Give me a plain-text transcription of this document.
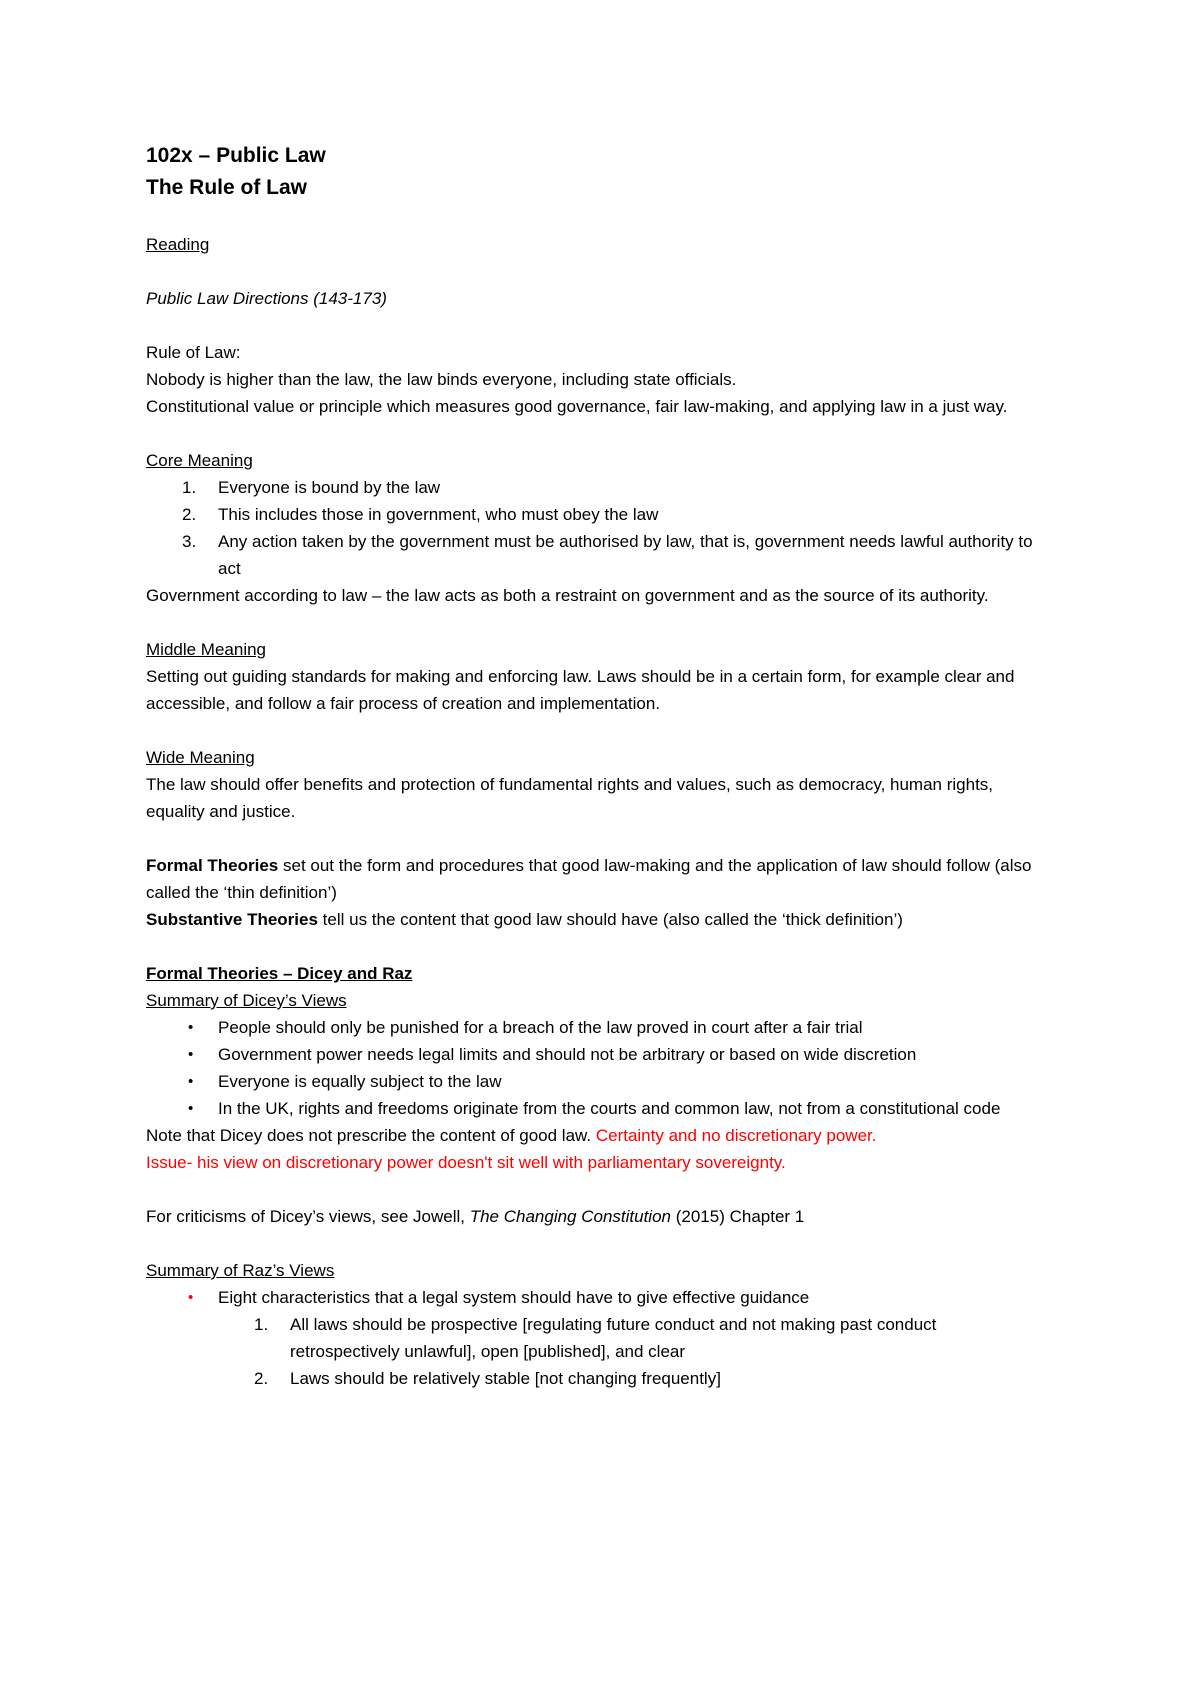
102x – Public Law
The Rule of Law

Reading

Public Law Directions (143-173)

Rule of Law:

Nobody is higher than the law, the law binds everyone, including state officials.

Constitutional value or principle which measures good governance, fair law-making, and applying law in a just way.

Core Meaning

1.	Everyone is bound by the law
2.	This includes those in government, who must obey the law
3.	Any action taken by the government must be authorised by law, that is, government needs lawful authority to act

Government according to law – the law acts as both a restraint on government and as the source of its authority.

Middle Meaning

Setting out guiding standards for making and enforcing law. Laws should be in a certain form, for example clear and accessible, and follow a fair process of creation and implementation.

Wide Meaning

The law should offer benefits and protection of fundamental rights and values, such as democracy, human rights, equality and justice.

Formal Theories set out the form and procedures that good law-making and the application of law should follow (also called the ‘thin definition’)

Substantive Theories tell us the content that good law should have (also called the ‘thick definition’)

Formal Theories – Dicey and Raz

Summary of Dicey’s Views

•	People should only be punished for a breach of the law proved in court after a fair trial
•	Government power needs legal limits and should not be arbitrary or based on wide discretion
•	Everyone is equally subject to the law
•	In the UK, rights and freedoms originate from the courts and common law, not from a constitutional code

Note that Dicey does not prescribe the content of good law. Certainty and no discretionary power.

Issue- his view on discretionary power doesn't sit well with parliamentary sovereignty.

For criticisms of Dicey’s views, see Jowell, The Changing Constitution (2015) Chapter 1

Summary of Raz’s Views

•	Eight characteristics that a legal system should have to give effective guidance
1.	All laws should be prospective [regulating future conduct and not making past conduct retrospectively unlawful], open [published], and clear
2.	Laws should be relatively stable [not changing frequently]
